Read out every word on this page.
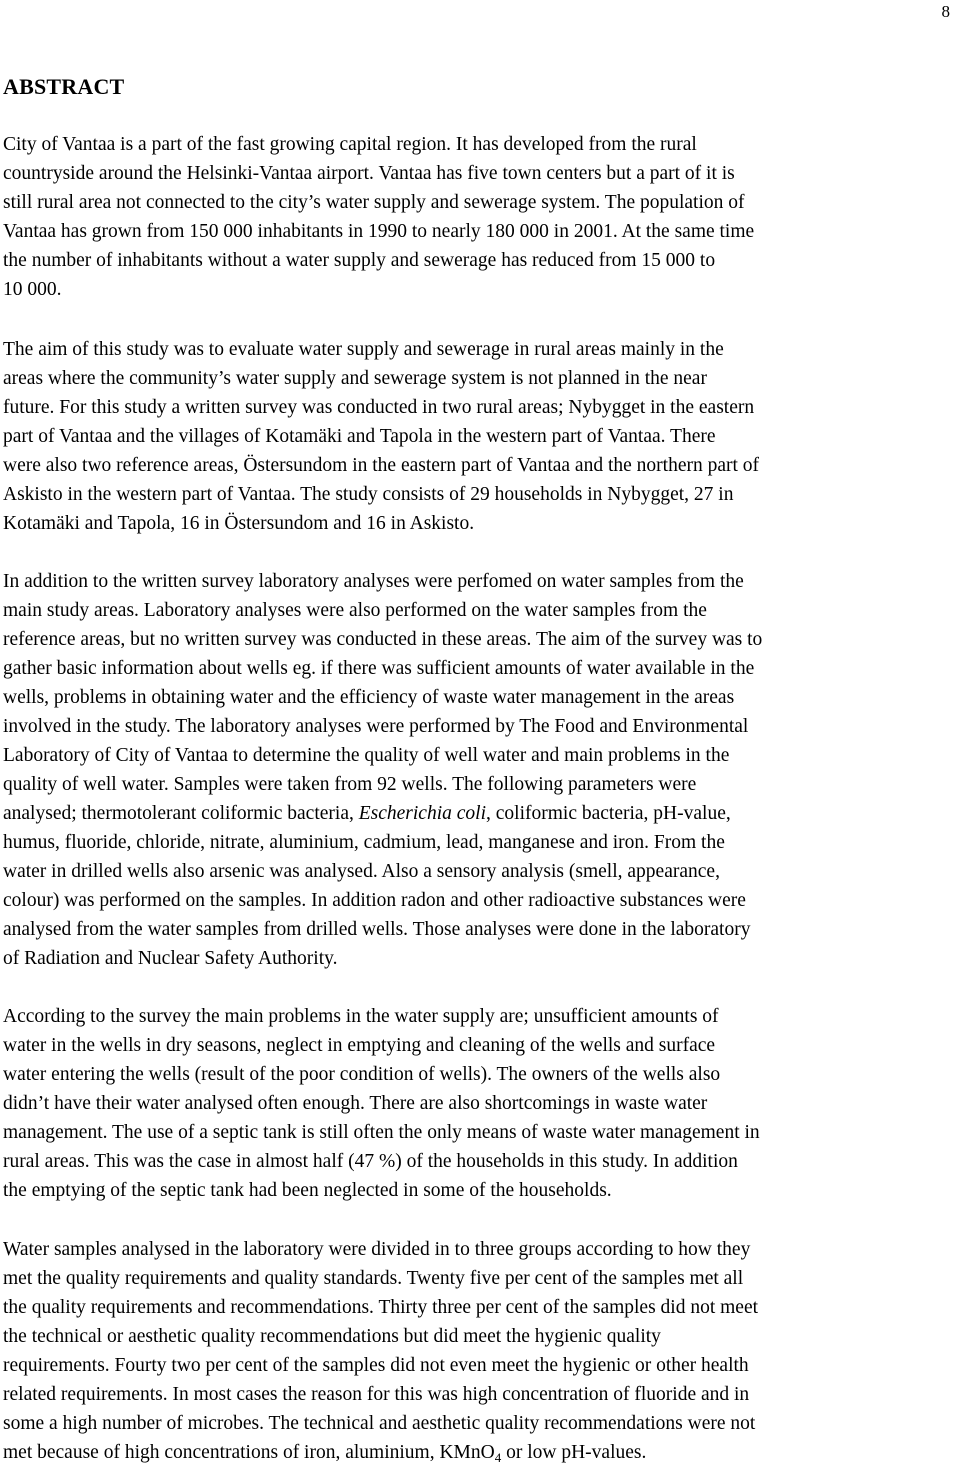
8
ABSTRACT
City of Vantaa is a part of the fast growing capital region. It has developed from the rural
countryside around the Helsinki-Vantaa airport. Vantaa has five town centers but a part of it is
still rural area not connected to the city’s water supply and sewerage system. The population of
Vantaa has grown from 150 000 inhabitants in 1990 to nearly 180 000 in 2001. At the same time
the number of inhabitants without a water supply and sewerage has reduced from 15 000 to
10 000.
The aim of this study was to evaluate water supply and sewerage in rural areas mainly in the
areas where the community’s water supply and sewerage system is not planned in the near
future. For this study a written survey was conducted in two rural areas; Nybygget in the eastern
part of Vantaa and the villages of Kotamäki and Tapola in the western part of Vantaa. There
were also two reference areas, Östersundom in the eastern part of Vantaa and the northern part of
Askisto in the western part of Vantaa. The study consists of 29 households in Nybygget, 27 in
Kotamäki and Tapola, 16 in Östersundom and 16 in Askisto.
In addition to the written survey laboratory analyses were perfomed on water samples from the
main study areas. Laboratory analyses were also performed on the water samples from the
reference areas, but no written survey was conducted in these areas. The aim of the survey was to
gather basic information about wells eg. if there was sufficient amounts of water available in the
wells, problems in obtaining water and the efficiency of waste water management in the areas
involved in the study. The laboratory analyses were performed by The Food and Environmental
Laboratory of City of Vantaa to determine the quality of well water and main problems in the
quality of well water. Samples were taken from 92 wells. The following parameters were
analysed; thermotolerant coliformic bacteria, Escherichia coli, coliformic bacteria, pH-value,
humus, fluoride, chloride, nitrate, aluminium, cadmium, lead, manganese and iron. From the
water in drilled wells also arsenic was analysed. Also a sensory analysis (smell, appearance,
colour) was performed on the samples. In addition radon and other radioactive substances were
analysed from the water samples from drilled wells. Those analyses were done in the laboratory
of Radiation and Nuclear Safety Authority.
According to the survey the main problems in the water supply are; unsufficient amounts of
water in the wells in dry seasons, neglect in emptying and cleaning of the wells and surface
water entering the wells (result of the poor condition of wells). The owners of the wells also
didn’t have their water analysed often enough. There are also shortcomings in waste water
management. The use of a septic tank is still often the only means of waste water management in
rural areas. This was the case in almost half (47 %) of the households in this study. In addition
the emptying of the septic tank had been neglected in some of the households.
Water samples analysed in the laboratory were divided in to three groups according to how they
met the quality requirements and quality standards. Twenty five per cent of the samples met all
the quality requirements and recommendations. Thirty three per cent of the samples did not meet
the technical or aesthetic quality recommendations but did meet the hygienic quality
requirements. Fourty two per cent of the samples did not even meet the hygienic or other health
related requirements. In most cases the reason for this was high concentration of fluoride and in
some a high number of microbes. The technical and aesthetic quality recommendations were not
met because of high concentrations of iron, aluminium, KMnO$_4$ or low pH-values.
